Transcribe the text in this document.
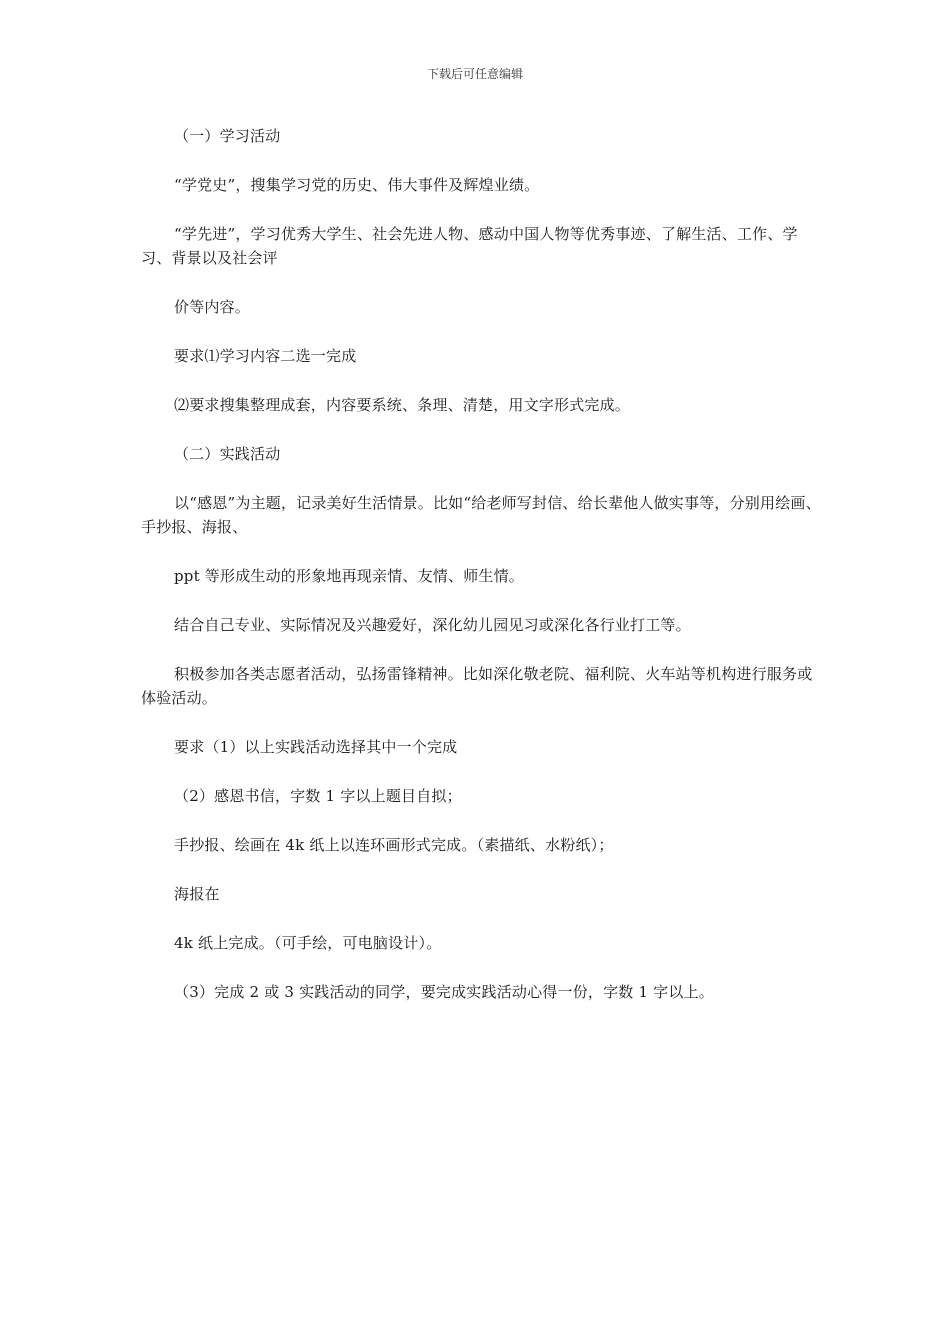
下载后可任意编辑

（一）学习活动

“学党史”，搜集学习党的历史、伟大事件及辉煌业绩。

“学先进”，学习优秀大学生、社会先进人物、感动中国人物等优秀事迹、了解生活、工作、学习、背景以及社会评

价等内容。

要求⑴学习内容二选一完成

⑵要求搜集整理成套，内容要系统、条理、清楚，用文字形式完成。

（二）实践活动

以“感恩”为主题，记录美好生活情景。比如“给老师写封信、给长辈他人做实事等，分别用绘画、手抄报、海报、

ppt 等形成生动的形象地再现亲情、友情、师生情。

结合自己专业、实际情况及兴趣爱好，深化幼儿园见习或深化各行业打工等。

积极参加各类志愿者活动，弘扬雷锋精神。比如深化敬老院、福利院、火车站等机构进行服务或体验活动。

要求（1）以上实践活动选择其中一个完成

（2）感恩书信，字数 1 字以上题目自拟；

手抄报、绘画在 4k 纸上以连环画形式完成。（素描纸、水粉纸）；

海报在

4k 纸上完成。（可手绘，可电脑设计）。

（3）完成 2 或 3 实践活动的同学，要完成实践活动心得一份，字数 1 字以上。
